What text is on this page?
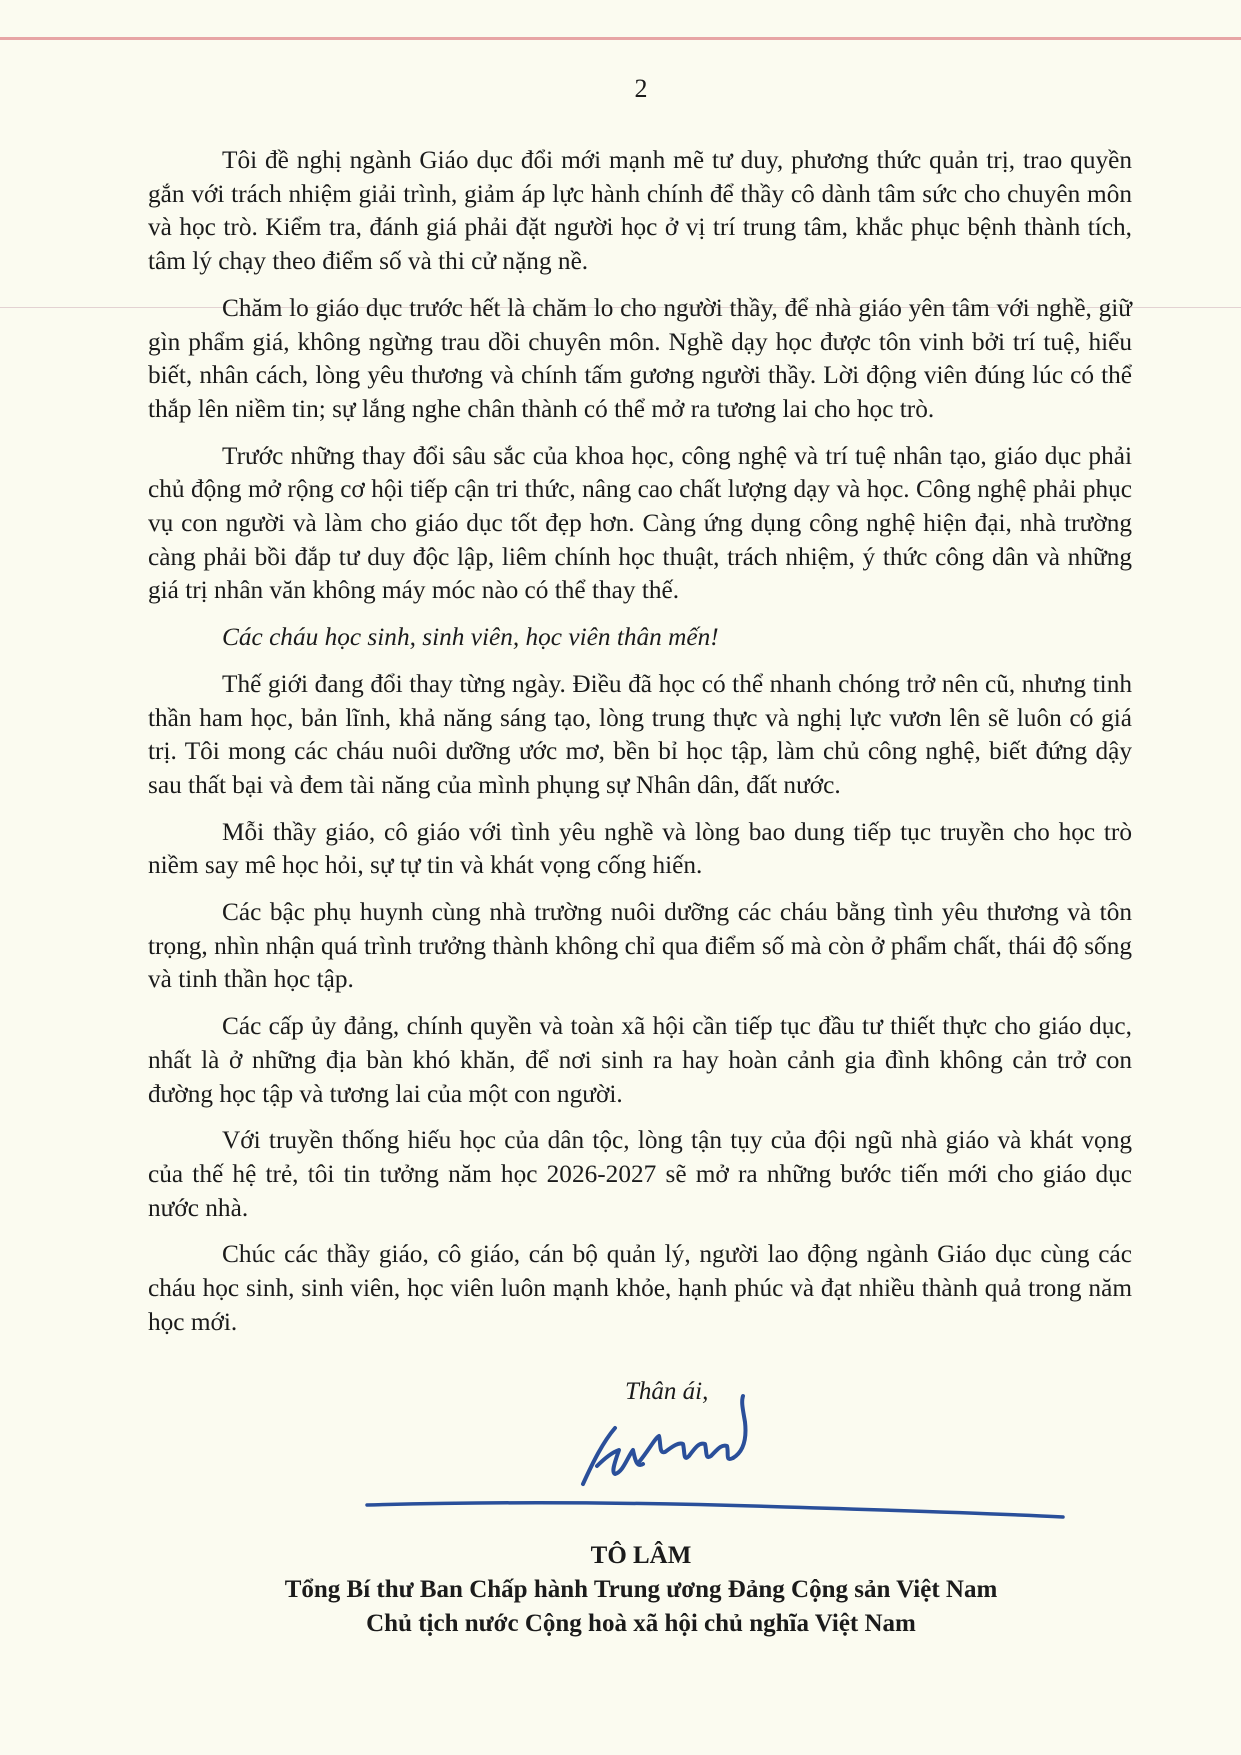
2

Tôi đề nghị ngành Giáo dục đổi mới mạnh mẽ tư duy, phương thức quản trị, trao quyền gắn với trách nhiệm giải trình, giảm áp lực hành chính để thầy cô dành tâm sức cho chuyên môn và học trò. Kiểm tra, đánh giá phải đặt người học ở vị trí trung tâm, khắc phục bệnh thành tích, tâm lý chạy theo điểm số và thi cử nặng nề.

Chăm lo giáo dục trước hết là chăm lo cho người thầy, để nhà giáo yên tâm với nghề, giữ gìn phẩm giá, không ngừng trau dồi chuyên môn. Nghề dạy học được tôn vinh bởi trí tuệ, hiểu biết, nhân cách, lòng yêu thương và chính tấm gương người thầy. Lời động viên đúng lúc có thể thắp lên niềm tin; sự lắng nghe chân thành có thể mở ra tương lai cho học trò.

Trước những thay đổi sâu sắc của khoa học, công nghệ và trí tuệ nhân tạo, giáo dục phải chủ động mở rộng cơ hội tiếp cận tri thức, nâng cao chất lượng dạy và học. Công nghệ phải phục vụ con người và làm cho giáo dục tốt đẹp hơn. Càng ứng dụng công nghệ hiện đại, nhà trường càng phải bồi đắp tư duy độc lập, liêm chính học thuật, trách nhiệm, ý thức công dân và những giá trị nhân văn không máy móc nào có thể thay thế.

Các cháu học sinh, sinh viên, học viên thân mến!

Thế giới đang đổi thay từng ngày. Điều đã học có thể nhanh chóng trở nên cũ, nhưng tinh thần ham học, bản lĩnh, khả năng sáng tạo, lòng trung thực và nghị lực vươn lên sẽ luôn có giá trị. Tôi mong các cháu nuôi dưỡng ước mơ, bền bỉ học tập, làm chủ công nghệ, biết đứng dậy sau thất bại và đem tài năng của mình phụng sự Nhân dân, đất nước.

Mỗi thầy giáo, cô giáo với tình yêu nghề và lòng bao dung tiếp tục truyền cho học trò niềm say mê học hỏi, sự tự tin và khát vọng cống hiến.

Các bậc phụ huynh cùng nhà trường nuôi dưỡng các cháu bằng tình yêu thương và tôn trọng, nhìn nhận quá trình trưởng thành không chỉ qua điểm số mà còn ở phẩm chất, thái độ sống và tinh thần học tập.

Các cấp ủy đảng, chính quyền và toàn xã hội cần tiếp tục đầu tư thiết thực cho giáo dục, nhất là ở những địa bàn khó khăn, để nơi sinh ra hay hoàn cảnh gia đình không cản trở con đường học tập và tương lai của một con người.

Với truyền thống hiếu học của dân tộc, lòng tận tụy của đội ngũ nhà giáo và khát vọng của thế hệ trẻ, tôi tin tưởng năm học 2026-2027 sẽ mở ra những bước tiến mới cho giáo dục nước nhà.

Chúc các thầy giáo, cô giáo, cán bộ quản lý, người lao động ngành Giáo dục cùng các cháu học sinh, sinh viên, học viên luôn mạnh khỏe, hạnh phúc và đạt nhiều thành quả trong năm học mới.

Thân ái,
TÔ LÂM
Tổng Bí thư Ban Chấp hành Trung ương Đảng Cộng sản Việt Nam
Chủ tịch nước Cộng hoà xã hội chủ nghĩa Việt Nam
